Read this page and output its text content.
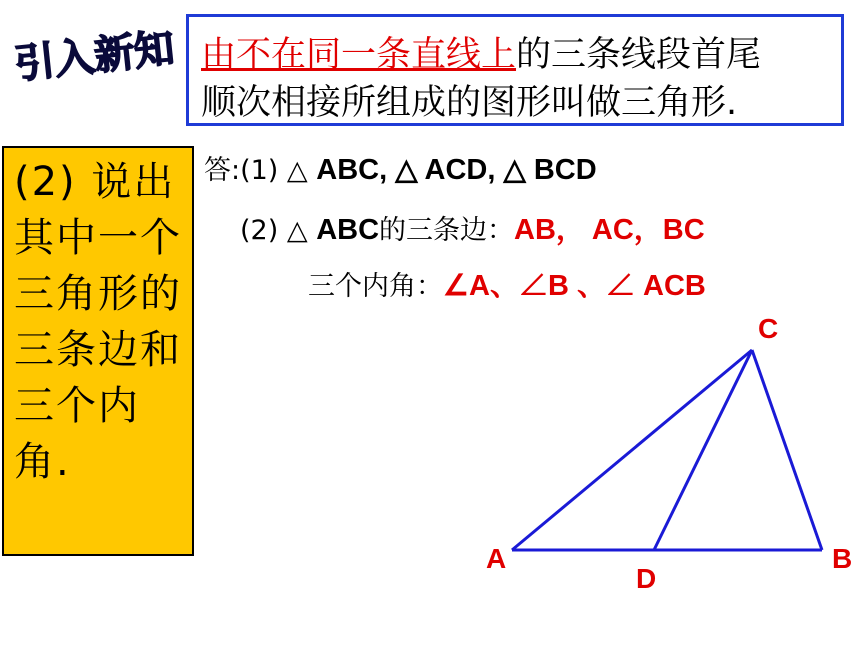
引入新知 由不在同一条直线上的三条线段首尾
顺次相接所组成的图形叫做三角形.
(2) 说出其中一个三角形的三条边和三个内角.
答:(1) △ ABC, △ ACD, △ BCD
(2) △ ABC的三条边：AB， AC，BC
三个内角：∠A、∠B 、∠ ACB
A	B
C
D
